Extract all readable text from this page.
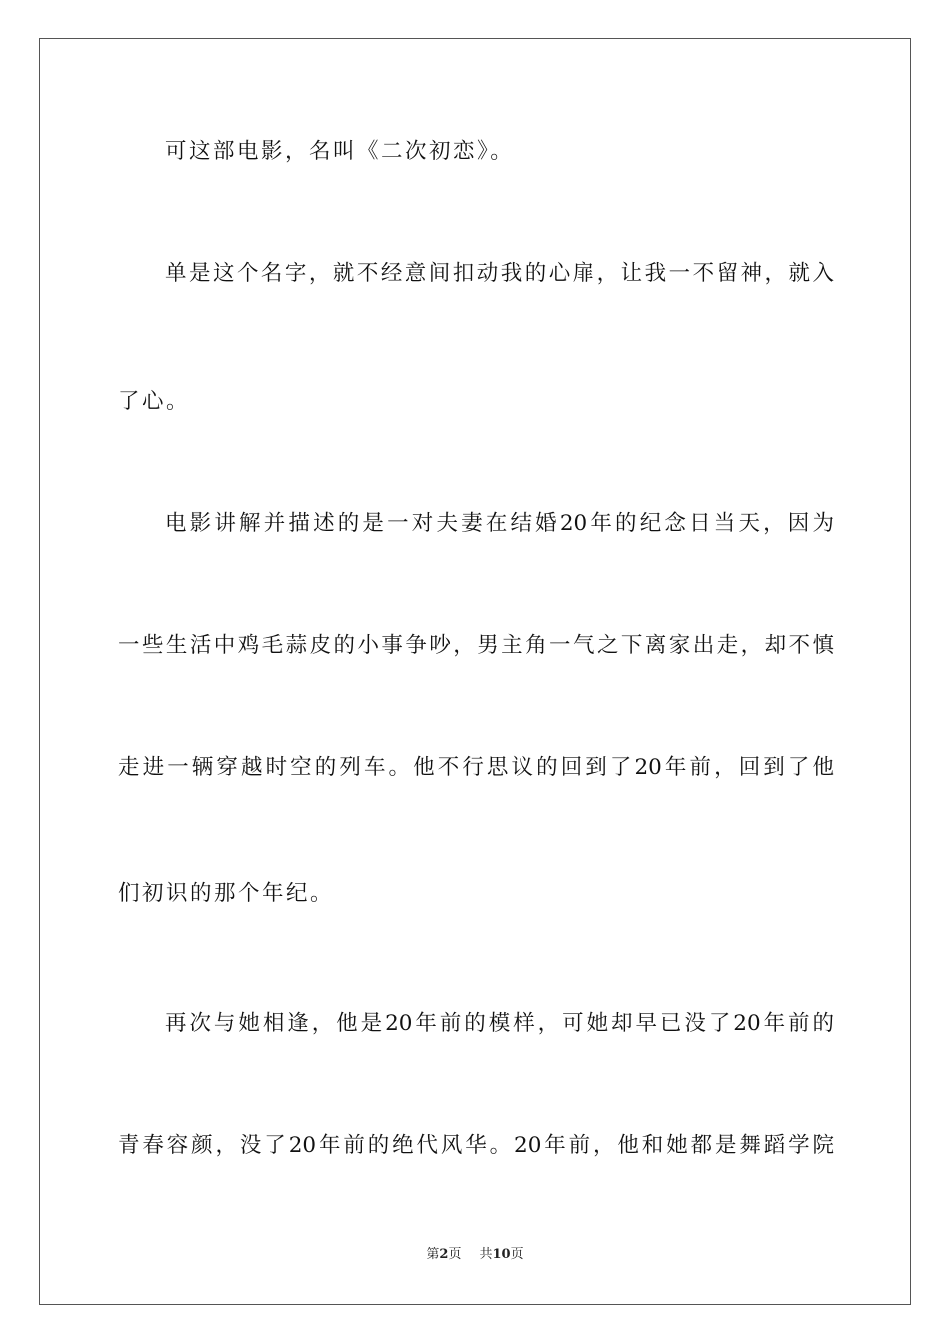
可这部电影，名叫《二次初恋》。
单是这个名字，就不经意间扣动我的心扉，让我一不留神，就入
了心。
电影讲解并描述的是一对夫妻在结婚20年的纪念日当天，因为
一些生活中鸡毛蒜皮的小事争吵，男主角一气之下离家出走，却不慎
走进一辆穿越时空的列车。他不行思议的回到了20年前，回到了他
们初识的那个年纪。
再次与她相逢，他是20年前的模样，可她却早已没了20年前的
青春容颜，没了20年前的绝代风华。20年前，他和她都是舞蹈学院
第2页 共10页
